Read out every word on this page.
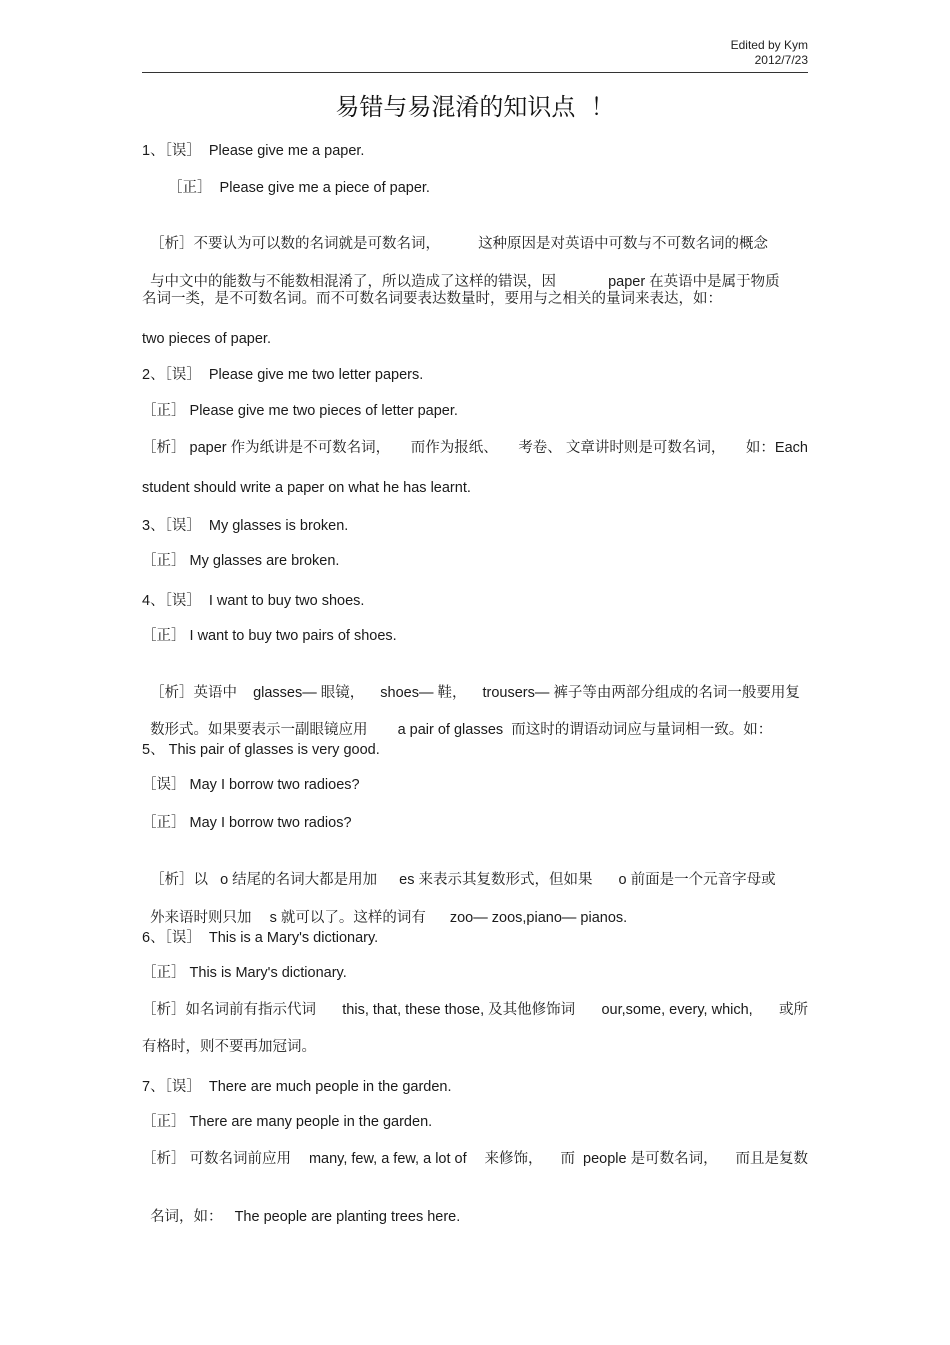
Edited by Kym
2012/7/23
易错与易混淆的知识点  ！
1、［误］  Please give me a paper.
［正］  Please give me a piece of paper.

［析］不要认为可以数的名词就是可数名词，	这种原因是对英语中可数与不可数名词的概念

与中文中的能数与不能数相混淆了，所以造成了这样的错误，因	paper 在英语中是属于物质

名词一类，是不可数名词。而不可数名词要表达数量时，要用与之相关的量词来表达，如：
two pieces of paper.
2、［误］  Please give me two letter papers.
［正］ Please give me two pieces of letter paper.
［析］ paper 作为纸讲是不可数名词， 而作为报纸、 考卷、 文章讲时则是可数名词， 如：Each
student should write a paper on what he has learnt.
3、［误］  My glasses is broken.
［正］ My glasses are broken.
4、［误］  I want to buy two shoes.
［正］ I want to buy two pairs of shoes.

［析］英语中 glasses— 眼镜， shoes— 鞋， trousers— 裤子等由两部分组成的名词一般要用复

数形式。如果要表示一副眼镜应用 a pair of glasses  而这时的谓语动词应与量词相一致。如：

5、 This pair of glasses is very good.
［误］ May I borrow two radioes?
［正］ May I borrow two radios?

［析］以 o 结尾的名词大都是用加 es 来表示其复数形式，但如果 o 前面是一个元音字母或

外来语时则只加 s 就可以了。这样的词有 zoo— zoos,piano— pianos.

6、［误］  This is a Mary's dictionary.
［正］ This is Mary's dictionary.
［析］如名词前有指示代词 this, that, these those, 及其他修饰词 our,some, every, which, 或所
有格时，则不要再加冠词。
7、［误］  There are much people in the garden.
［正］ There are many people in the garden.
［析］ 可数名词前应用 many, few, a few, a lot of 来修饰， 而  people 是可数名词， 而且是复数

名词，如： The people are planting trees here.
